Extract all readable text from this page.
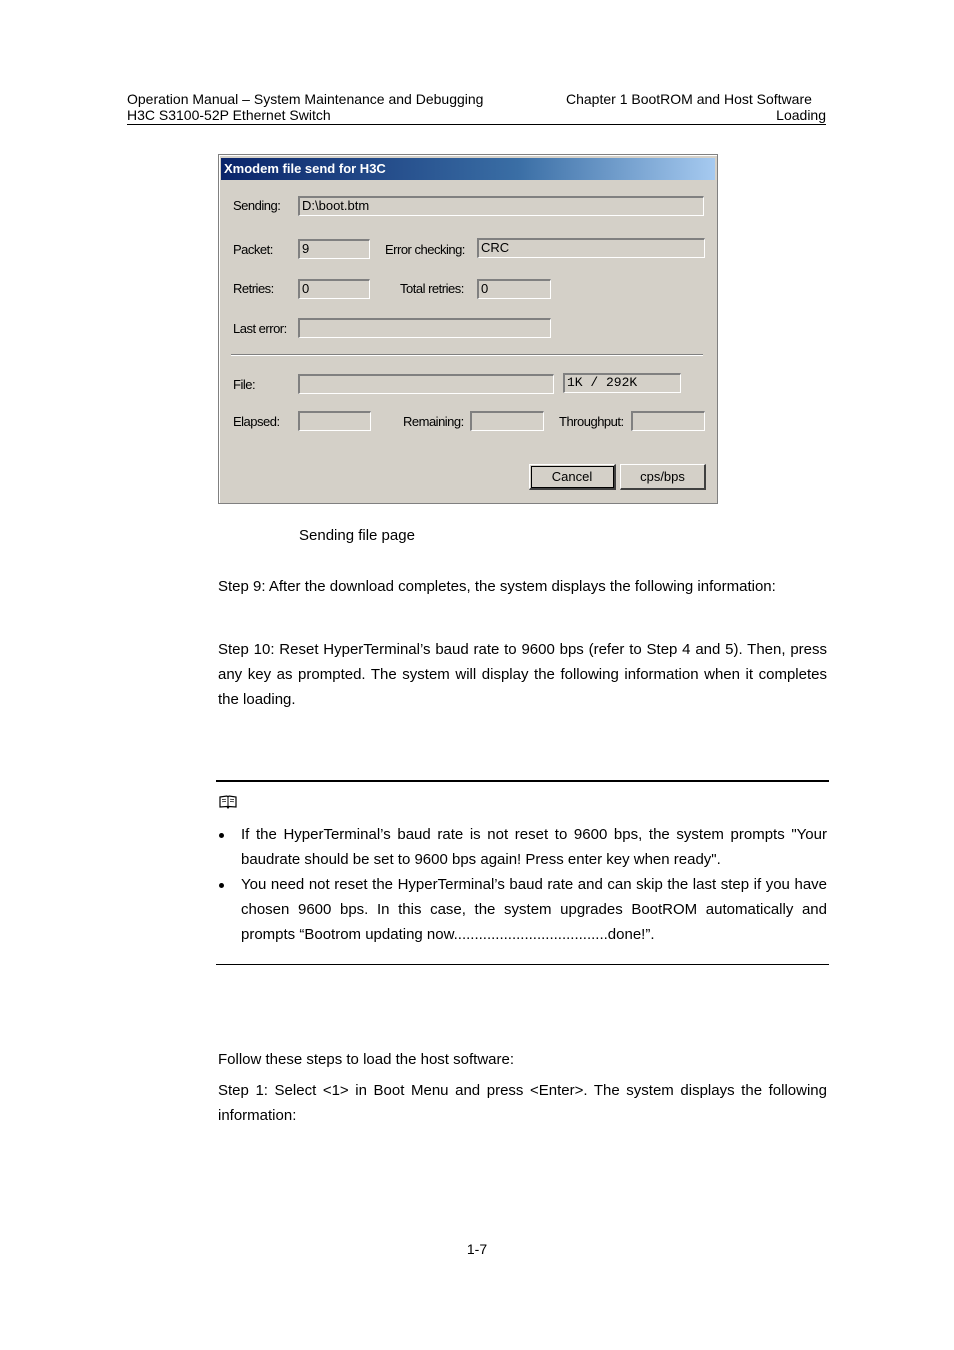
Operation Manual – System Maintenance and Debugging
H3C S3100-52P Ethernet Switch
Chapter 1 BootROM and Host Software
Loading
Xmodem file send for H3C
Sending:	D:\boot.btm
Packet:	9	Error checking:	CRC
Retries:	0	Total retries:	0
Last error:
File:	1K / 292K
Elapsed:	Remaining:	Throughput:
Cancel	cps/bps
Sending file page
Step 9: After the download completes, the system displays the following information:
Step 10: Reset HyperTerminal’s baud rate to 9600 bps (refer to Step 4 and 5). Then, press any key as prompted. The system will display the following information when it completes the loading.
If the HyperTerminal’s baud rate is not reset to 9600 bps, the system prompts "Your baudrate should be set to 9600 bps again! Press enter key when ready".
You need not reset the HyperTerminal’s baud rate and can skip the last step if you have chosen 9600 bps. In this case, the system upgrades BootROM automatically and prompts “Bootrom updating now.....................................done!”.
Follow these steps to load the host software:
Step 1: Select <1> in Boot Menu and press <Enter>. The system displays the following information:
1-7
